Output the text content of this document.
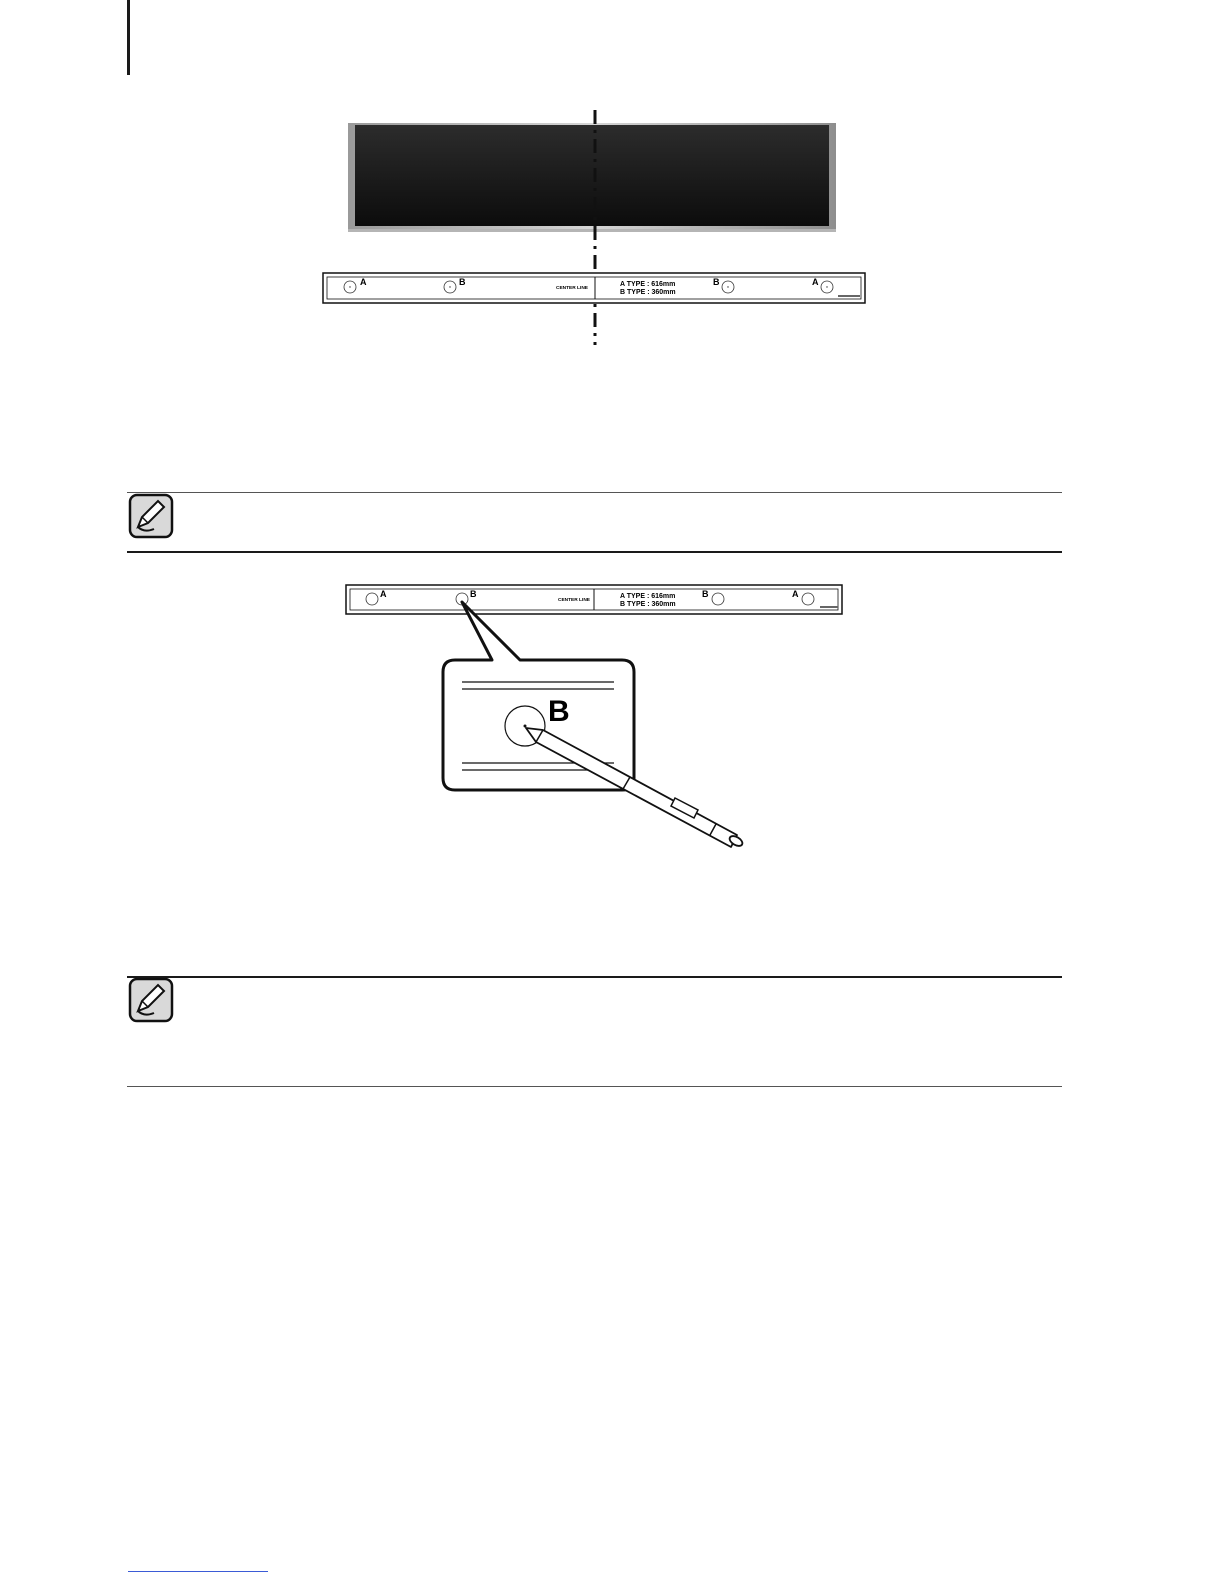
A	B
CENTER LINE
A TYPE : 616mm
B TYPE : 360mm
B	A
A	B
CENTER LINE
A TYPE : 616mm
B TYPE : 360mm
B	A
B
